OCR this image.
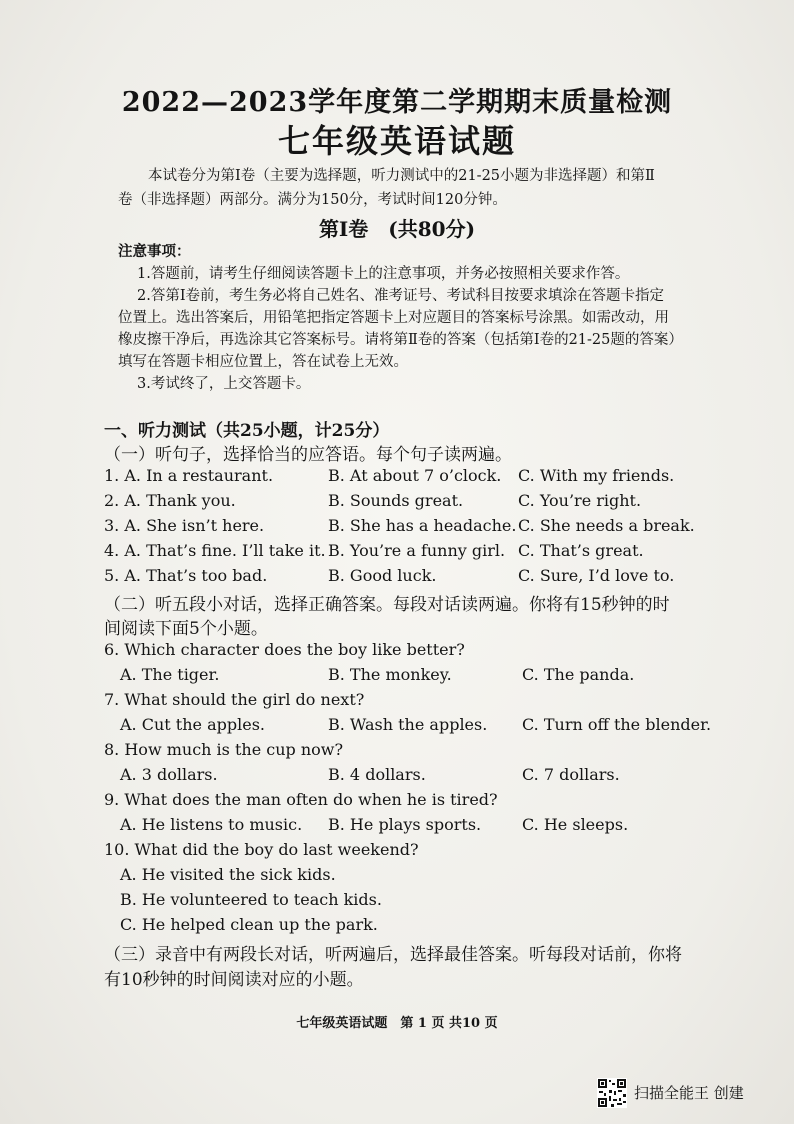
2022—2023学年度第二学期期末质量检测
七年级英语试题
本试卷分为第Ⅰ卷（主要为选择题，听力测试中的21-25小题为非选择题）和第Ⅱ
卷（非选择题）两部分。满分为150分，考试时间120分钟。
第Ⅰ卷　(共80分)
注意事项：
1.答题前，请考生仔细阅读答题卡上的注意事项，并务必按照相关要求作答。
2.答第Ⅰ卷前，考生务必将自己姓名、准考证号、考试科目按要求填涂在答题卡指定
位置上。选出答案后，用铅笔把指定答题卡上对应题目的答案标号涂黑。如需改动，用
橡皮擦干净后，再选涂其它答案标号。请将第Ⅱ卷的答案（包括第Ⅰ卷的21-25题的答案）
填写在答题卡相应位置上，答在试卷上无效。
3.考试终了，上交答题卡。
一、听力测试（共25小题，计25分）
（一）听句子，选择恰当的应答语。每个句子读两遍。
1. A. In a restaurant.	B. At about 7 o’clock. C. With my friends.
2. A. Thank you.	B. Sounds great.	C. You’re right.
3. A. She isn’t here.	B. She has a headache. C. She needs a break.
4. A. That’s fine. I’ll take it. B. You’re a funny girl. C. That’s great.
5. A. That’s too bad.	B. Good luck.	C. Sure, I’d love to.
（二）听五段小对话，选择正确答案。每段对话读两遍。你将有15秒钟的时
间阅读下面5个小题。
6. Which character does the boy like better?
A. The tiger.	B. The monkey.	C. The panda.
7. What should the girl do next?
A. Cut the apples.	B. Wash the apples. C. Turn off the blender.
8. How much is the cup now?
A. 3 dollars.	B. 4 dollars.	C. 7 dollars.
9. What does the man often do when he is tired?
A. He listens to music. B. He plays sports.	C. He sleeps.
10. What did the boy do last weekend?
A. He visited the sick kids.
B. He volunteered to teach kids.
C. He helped clean up the park.
（三）录音中有两段长对话，听两遍后，选择最佳答案。听每段对话前，你将
有10秒钟的时间阅读对应的小题。
七年级英语试题　第 1 页 共10 页
扫描全能王 创建
